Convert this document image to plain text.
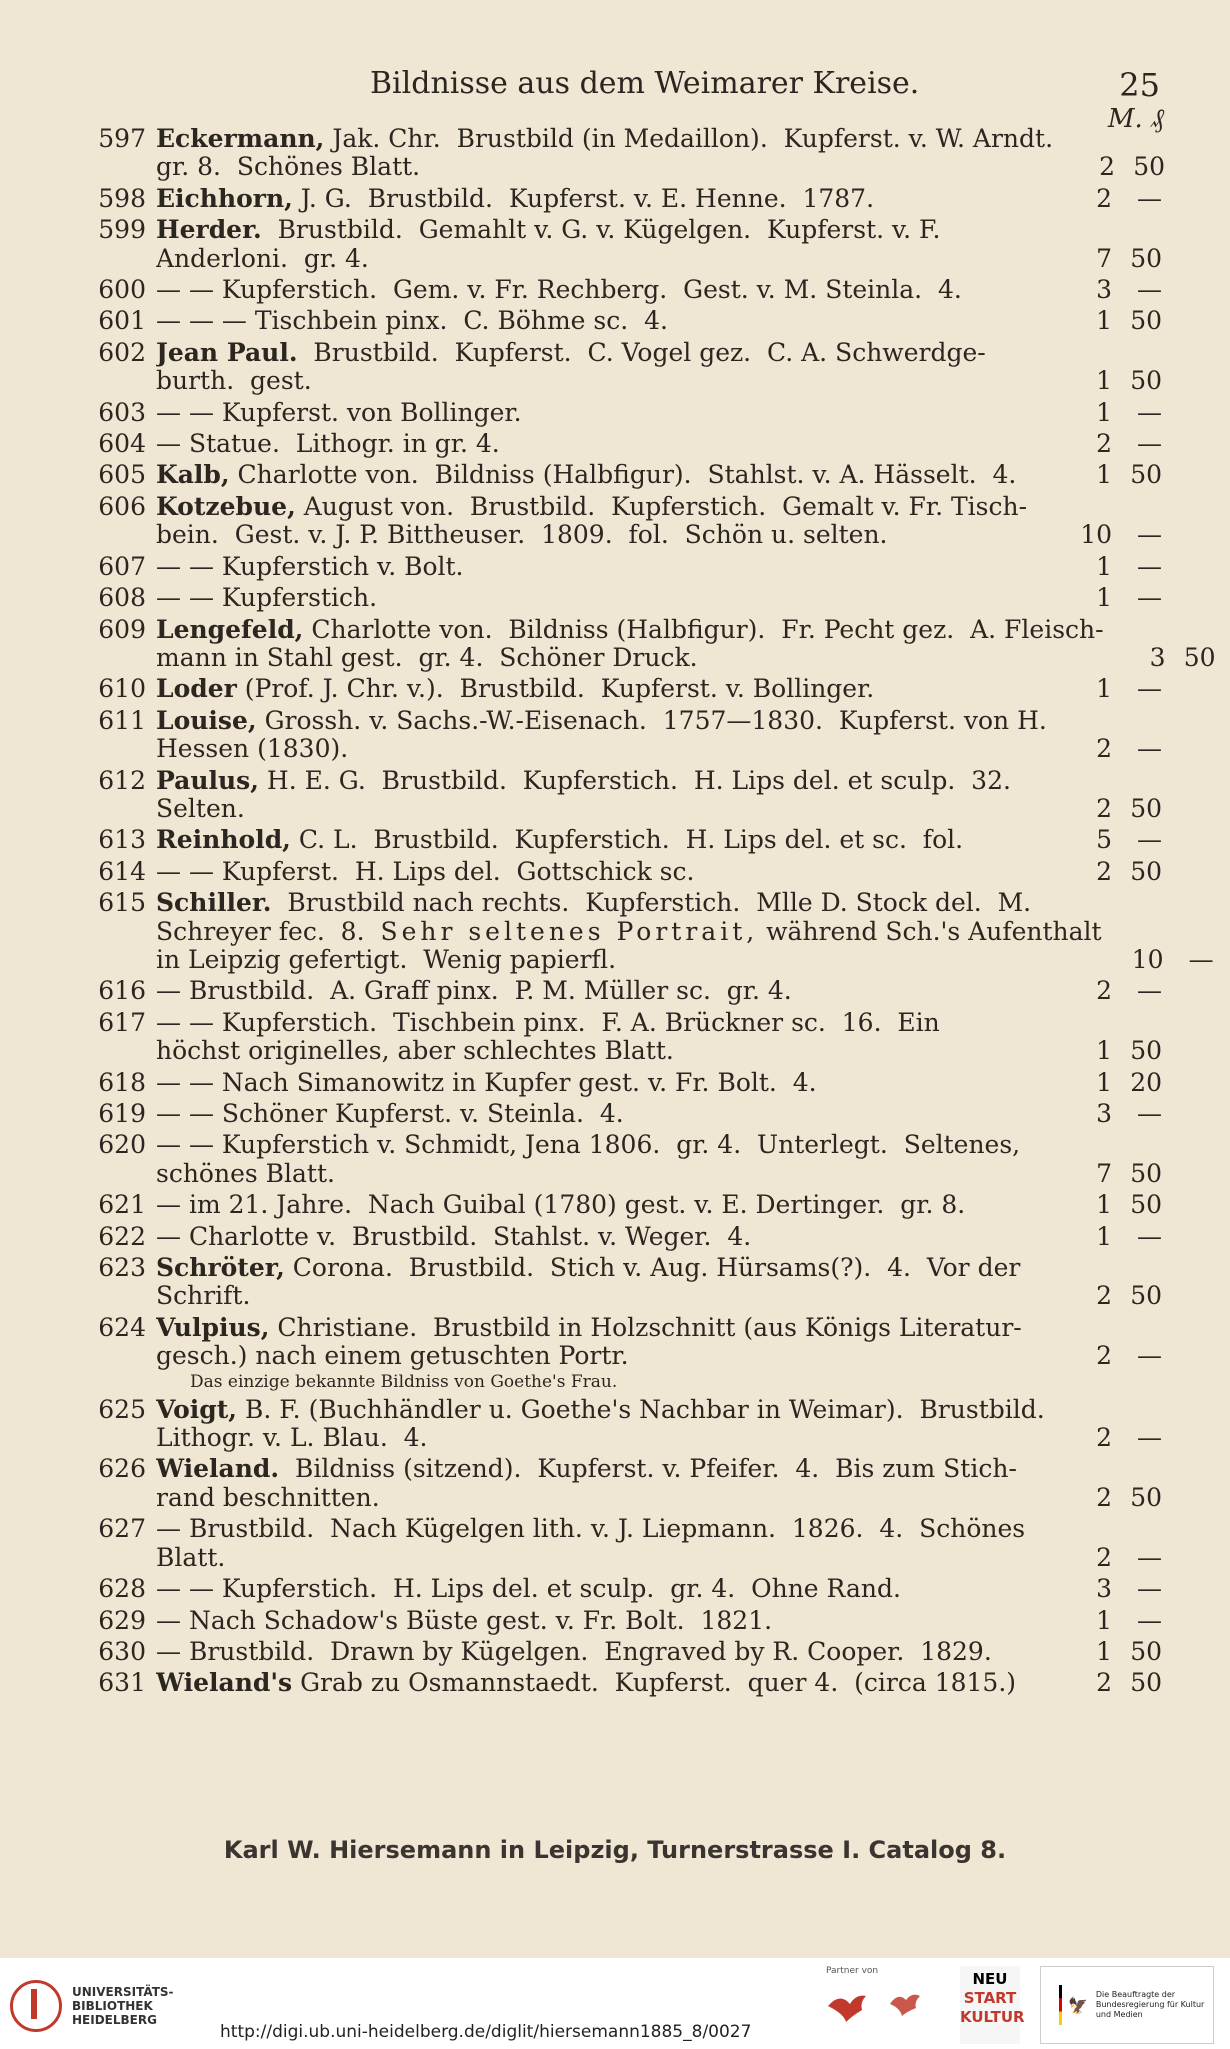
Bildnisse aus dem Weimarer Kreise.	25
M. ₰
597 Eckermann, Jak. Chr.  Brustbild (in Medaillon).  Kupferst. v. W. Arndt.
gr. 8.  Schönes Blatt.	2 50
598 Eichhorn, J. G.  Brustbild.  Kupferst. v. E. Henne.  1787.	2 —
599 Herder.  Brustbild.  Gemahlt v. G. v. Kügelgen.  Kupferst. v. F.
Anderloni.  gr. 4.	7 50
600 — — Kupferstich.  Gem. v. Fr. Rechberg.  Gest. v. M. Steinla.  4.	3 —
601 — — — Tischbein pinx.  C. Böhme sc.  4.	1 50
602 Jean Paul.  Brustbild.  Kupferst.  C. Vogel gez.  C. A. Schwerdge-
burth.  gest.	1 50
603 — — Kupferst. von Bollinger.	1 —
604 — Statue.  Lithogr. in gr. 4.	2 —
605 Kalb, Charlotte von.  Bildniss (Halbfigur).  Stahlst. v. A. Hässelt.  4.	1 50
606 Kotzebue, August von.  Brustbild.  Kupferstich.  Gemalt v. Fr. Tisch-
bein.  Gest. v. J. P. Bittheuser.  1809.  fol.  Schön u. selten.	10 —
607 — — Kupferstich v. Bolt.	1 —
608 — — Kupferstich.	1 —
609 Lengefeld, Charlotte von.  Bildniss (Halbfigur).  Fr. Pecht gez.  A. Fleisch-
mann in Stahl gest.  gr. 4.  Schöner Druck.	3 50
610 Loder (Prof. J. Chr. v.).  Brustbild.  Kupferst. v. Bollinger.	1 —
611 Louise, Grossh. v. Sachs.-W.-Eisenach.  1757—1830.  Kupferst. von H.
Hessen (1830).	2 —
612 Paulus, H. E. G.  Brustbild.  Kupferstich.  H. Lips del. et sculp.  32.
Selten.	2 50
613 Reinhold, C. L.  Brustbild.  Kupferstich.  H. Lips del. et sc.  fol.	5 —
614 — — Kupferst.  H. Lips del.  Gottschick sc.	2 50
615 Schiller.  Brustbild nach rechts.  Kupferstich.  Mlle D. Stock del.  M.
Schreyer fec.  8.  Sehr seltenes Portrait, während Sch.'s Aufenthalt
in Leipzig gefertigt.  Wenig papierfl.	10 —
616 — Brustbild.  A. Graff pinx.  P. M. Müller sc.  gr. 4.	2 —
617 — — Kupferstich.  Tischbein pinx.  F. A. Brückner sc.  16.  Ein
höchst originelles, aber schlechtes Blatt.	1 50
618 — — Nach Simanowitz in Kupfer gest. v. Fr. Bolt.  4.	1 20
619 — — Schöner Kupferst. v. Steinla.  4.	3 —
620 — — Kupferstich v. Schmidt, Jena 1806.  gr. 4.  Unterlegt.  Seltenes,
schönes Blatt.	7 50
621 — im 21. Jahre.  Nach Guibal (1780) gest. v. E. Dertinger.  gr. 8.	1 50
622 — Charlotte v.  Brustbild.  Stahlst. v. Weger.  4.	1 —
623 Schröter, Corona.  Brustbild.  Stich v. Aug. Hürsams(?).  4.  Vor der
Schrift.	2 50
624 Vulpius, Christiane.  Brustbild in Holzschnitt (aus Königs Literatur-
gesch.) nach einem getuschten Portr.	2 —
Das einzige bekannte Bildniss von Goethe's Frau.
625 Voigt, B. F. (Buchhändler u. Goethe's Nachbar in Weimar).  Brustbild.
Lithogr. v. L. Blau.  4.	2 —
626 Wieland.  Bildniss (sitzend).  Kupferst. v. Pfeifer.  4.  Bis zum Stich-
rand beschnitten.	2 50
627 — Brustbild.  Nach Kügelgen lith. v. J. Liepmann.  1826.  4.  Schönes
Blatt.	2 —
628 — — Kupferstich.  H. Lips del. et sculp.  gr. 4.  Ohne Rand.	3 —
629 — Nach Schadow's Büste gest. v. Fr. Bolt.  1821.	1 —
630 — Brustbild.  Drawn by Kügelgen.  Engraved by R. Cooper.  1829.	1 50
631 Wieland's Grab zu Osmannstaedt.  Kupferst.  quer 4.  (circa 1815.)	2 50
Karl W. Hiersemann in Leipzig, Turnerstrasse I. Catalog 8.
UNIVERSITÄTS-
BIBLIOTHEK
HEIDELBERG
http://digi.ub.uni-heidelberg.de/diglit/hiersemann1885_8/0027
Partner von	NEU
START
KULTUR
🦅
Die Beauftragte der Bundesregierung für Kultur und Medien
